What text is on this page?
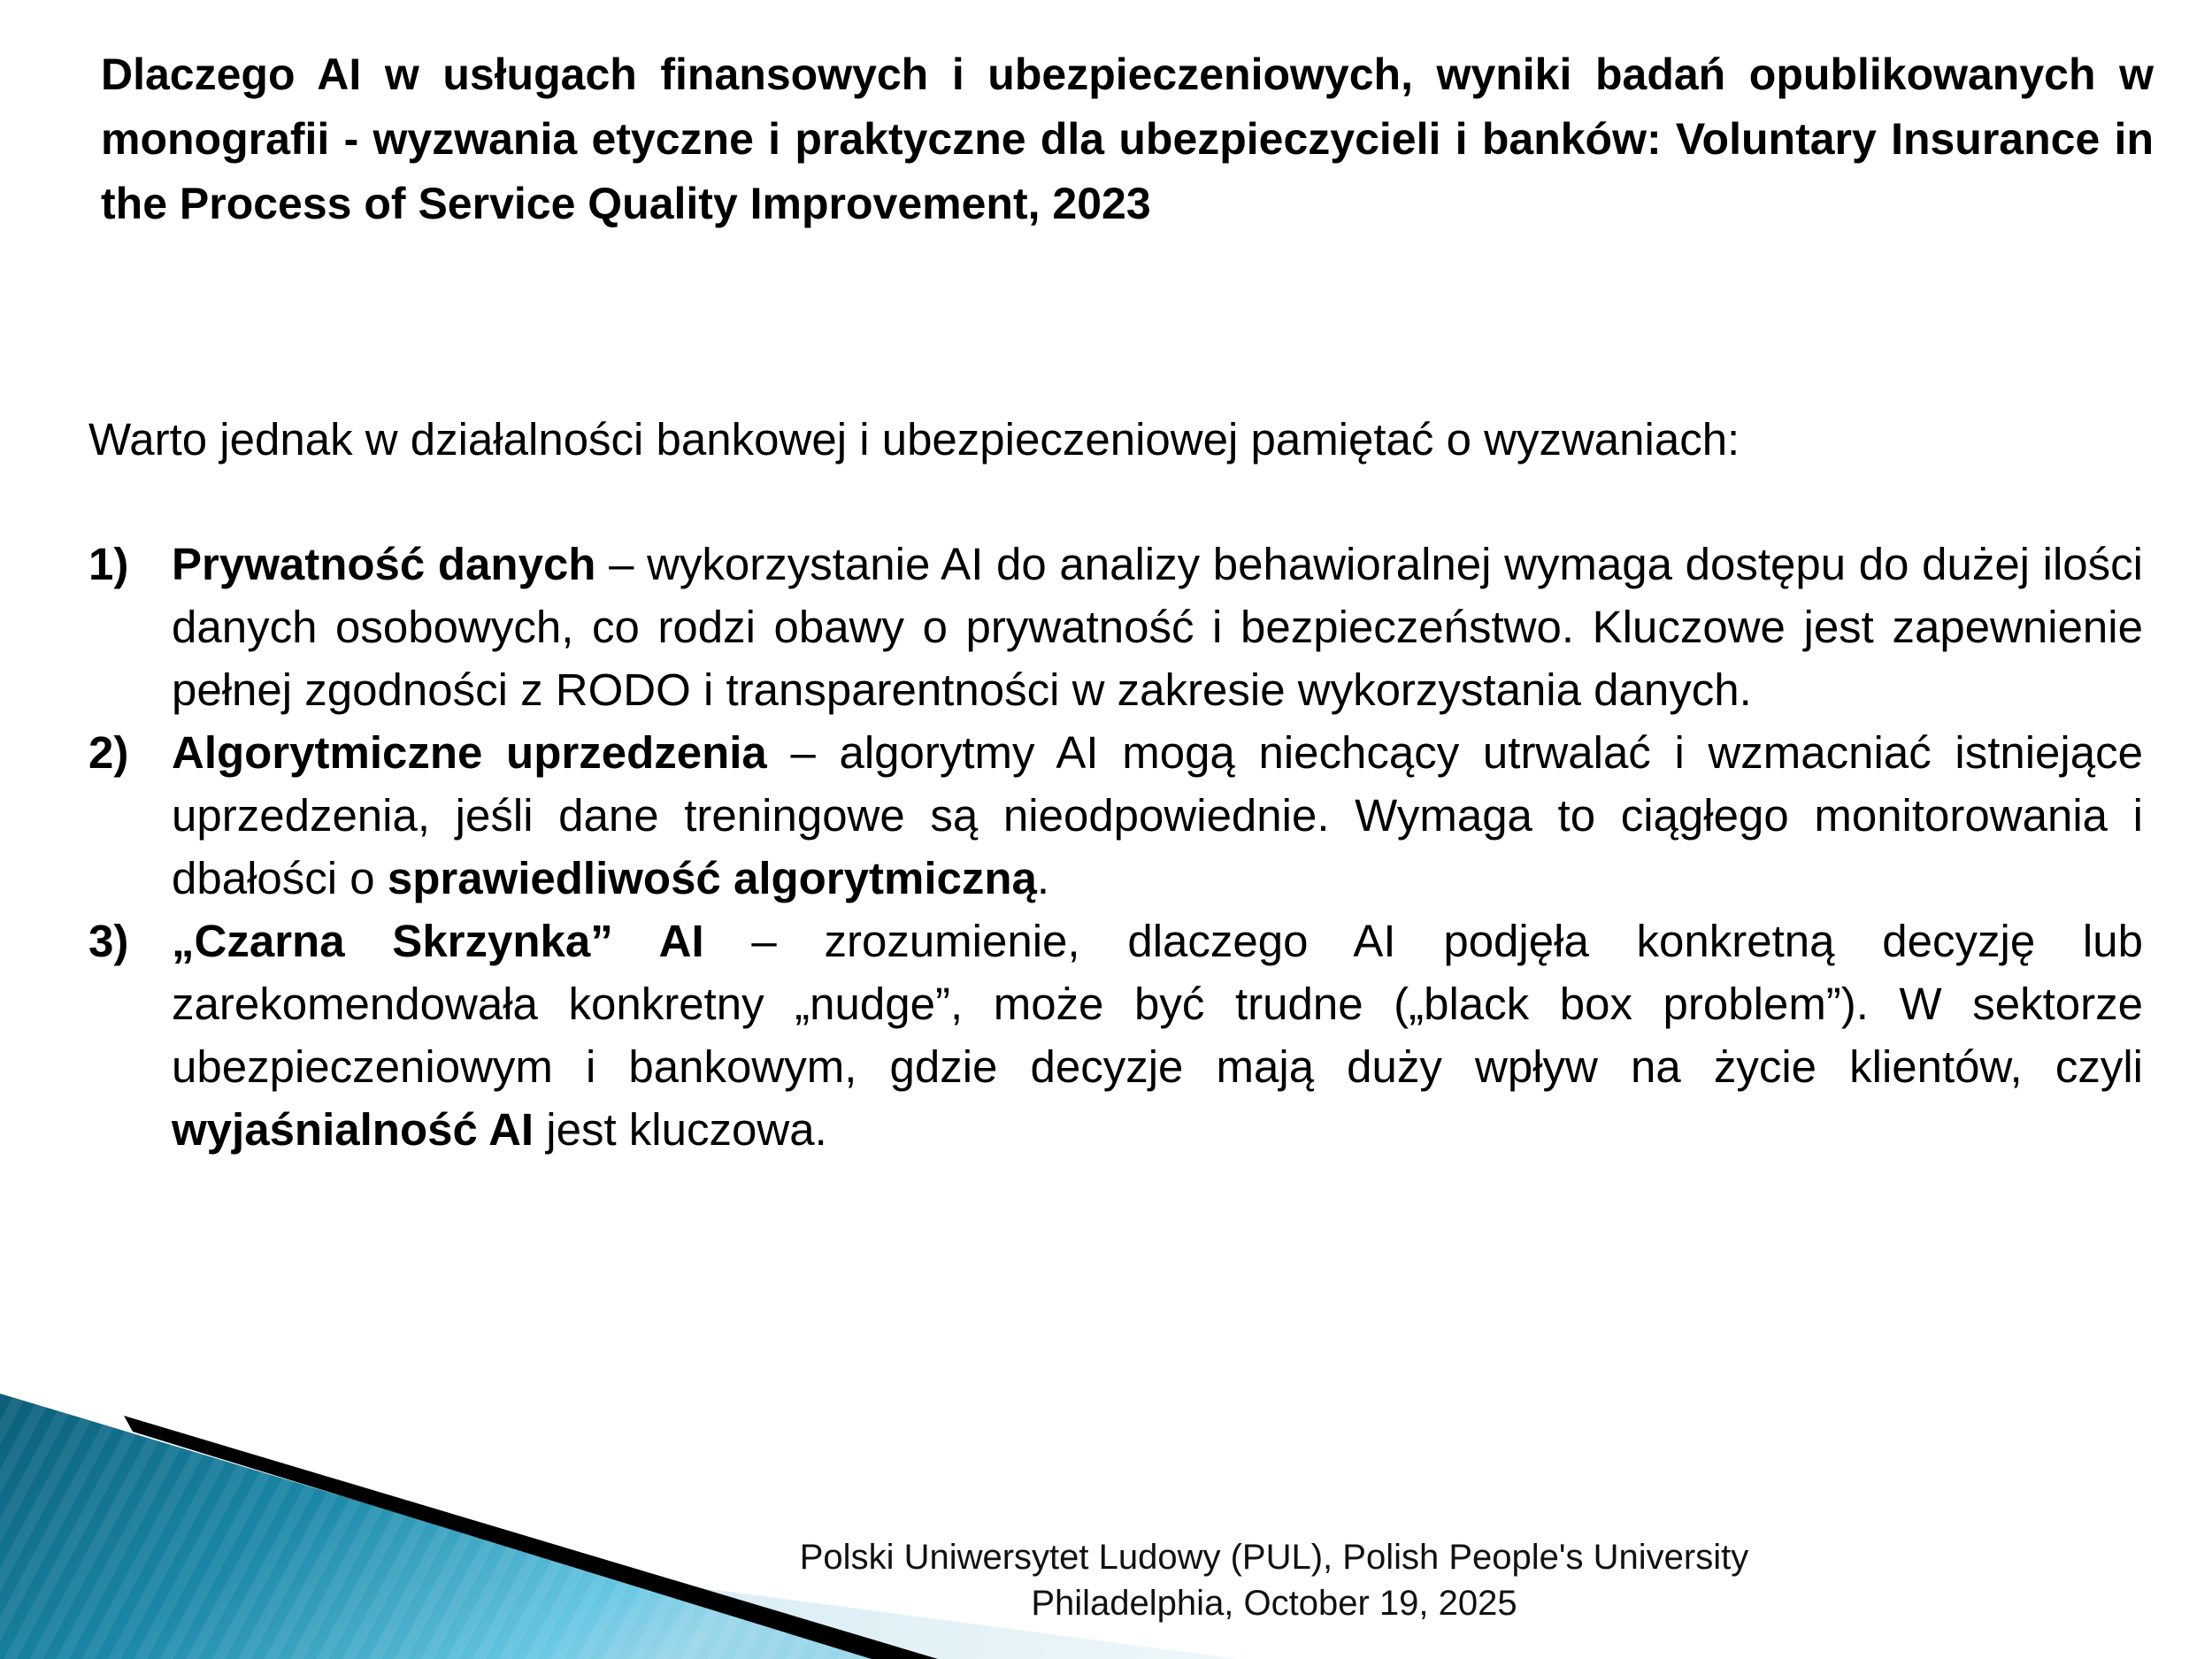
Dlaczego AI w usługach finansowych i ubezpieczeniowych, wyniki badań opublikowanych w monografii - wyzwania etyczne i praktyczne dla ubezpieczycieli i banków: Voluntary Insurance in the Process of Service Quality Improvement, 2023

Warto jednak w działalności bankowej i ubezpieczeniowej pamiętać o wyzwaniach:

1) Prywatność danych – wykorzystanie AI do analizy behawioralnej wymaga dostępu do dużej ilości danych osobowych, co rodzi obawy o prywatność i bezpieczeństwo. Kluczowe jest zapewnienie pełnej zgodności z RODO i transparentności w zakresie wykorzystania danych.
2) Algorytmiczne uprzedzenia – algorytmy AI mogą niechcący utrwalać i wzmacniać istniejące uprzedzenia, jeśli dane treningowe są nieodpowiednie. Wymaga to ciągłego monitorowania i dbałości o sprawiedliwość algorytmiczną.
3) „Czarna Skrzynka” AI – zrozumienie, dlaczego AI podjęła konkretną decyzję lub zarekomendowała konkretny „nudge”, może być trudne („black box problem”). W sektorze ubezpieczeniowym i bankowym, gdzie decyzje mają duży wpływ na życie klientów, czyli wyjaśnialność AI jest kluczowa.

Polski Uniwersytet Ludowy (PUL), Polish People's University

Philadelphia, October 19, 2025
